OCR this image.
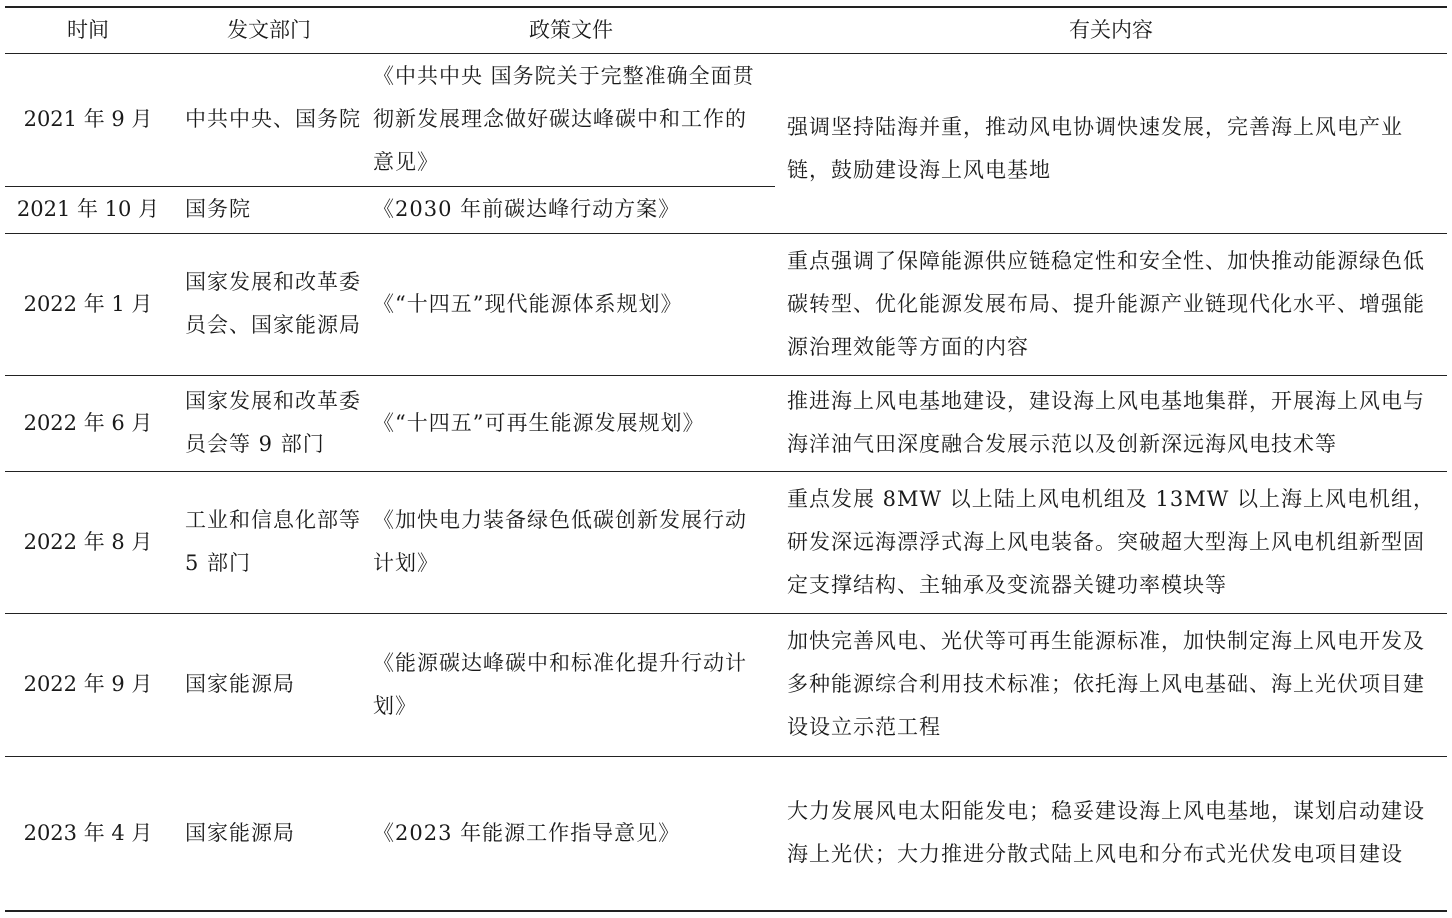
时间	发文部门	政策文件	有关内容
2021 年 9 月	中共中央、国务院	《中共中央 国务院关于完整准确全面贯彻新发展理念做好碳达峰碳中和工作的意见》	强调坚持陆海并重，推动风电协调快速发展，完善海上风电产业链，鼓励建设海上风电基地
2021 年 10 月	国务院	《2030 年前碳达峰行动方案》	
2022 年 1 月	国家发展和改革委员会、国家能源局	《“十四五”现代能源体系规划》	重点强调了保障能源供应链稳定性和安全性、加快推动能源绿色低碳转型、优化能源发展布局、提升能源产业链现代化水平、增强能源治理效能等方面的内容
2022 年 6 月	国家发展和改革委员会等 9 部门	《“十四五”可再生能源发展规划》	推进海上风电基地建设，建设海上风电基地集群，开展海上风电与海洋油气田深度融合发展示范以及创新深远海风电技术等
2022 年 8 月	工业和信息化部等 5 部门	《加快电力装备绿色低碳创新发展行动计划》	重点发展 8MW 以上陆上风电机组及 13MW 以上海上风电机组，研发深远海漂浮式海上风电装备。突破超大型海上风电机组新型固定支撑结构、主轴承及变流器关键功率模块等
2022 年 9 月	国家能源局	《能源碳达峰碳中和标准化提升行动计划》	加快完善风电、光伏等可再生能源标准，加快制定海上风电开发及多种能源综合利用技术标准；依托海上风电基础、海上光伏项目建设设立示范工程
2023 年 4 月	国家能源局	《2023 年能源工作指导意见》	大力发展风电太阳能发电；稳妥建设海上风电基地，谋划启动建设海上光伏；大力推进分散式陆上风电和分布式光伏发电项目建设
